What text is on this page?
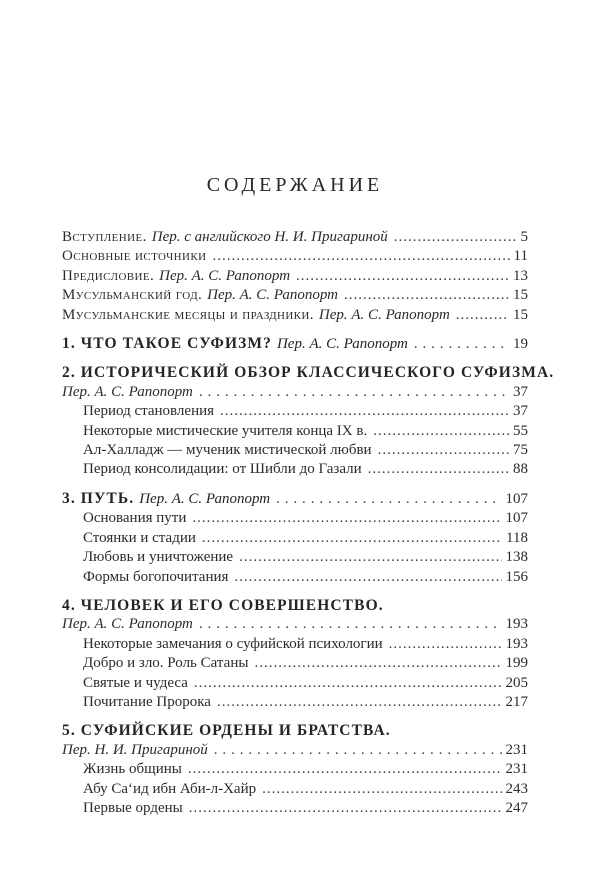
СОДЕРЖАНИЕ
Вступление. Пер. с английского Н. И. Пригариной .....	5
Основные источники .....	11
Предисловие. Пер. А. С. Рапопорт .....	13
Мусульманский год. Пер. А. С. Рапопорт .....	15
Мусульманские месяцы и праздники. Пер. А. С. Рапопорт .....	15
1. ЧТО ТАКОЕ СУФИЗМ? Пер. А. С. Рапопорт .....	19
2. ИСТОРИЧЕСКИЙ ОБЗОР КЛАССИЧЕСКОГО СУФИЗМА.
Пер. А. С. Рапопорт .....	37
Период становления .....	37
Некоторые мистические учителя конца IX в. .....	55
Ал-Халладж — мученик мистической любви .....	75
Период консолидации: от Шибли до Газали .....	88
3. ПУТЬ. Пер. А. С. Рапопорт .....	107
Основания пути .....	107
Стоянки и стадии .....	118
Любовь и уничтожение .....	138
Формы богопочитания .....	156
4. ЧЕЛОВЕК И ЕГО СОВЕРШЕНСТВО.
Пер. А. С. Рапопорт .....	193
Некоторые замечания о суфийской психологии .....	193
Добро и зло. Роль Сатаны .....	199
Святые и чудеса .....	205
Почитание Пророка .....	217
5. СУФИЙСКИЕ ОРДЕНЫ И БРАТСТВА.
Пер. Н. И. Пригариной .....	231
Жизнь общины .....	231
Абу Са‘ид ибн Аби-л-Хайр .....	243
Первые ордены .....	247
